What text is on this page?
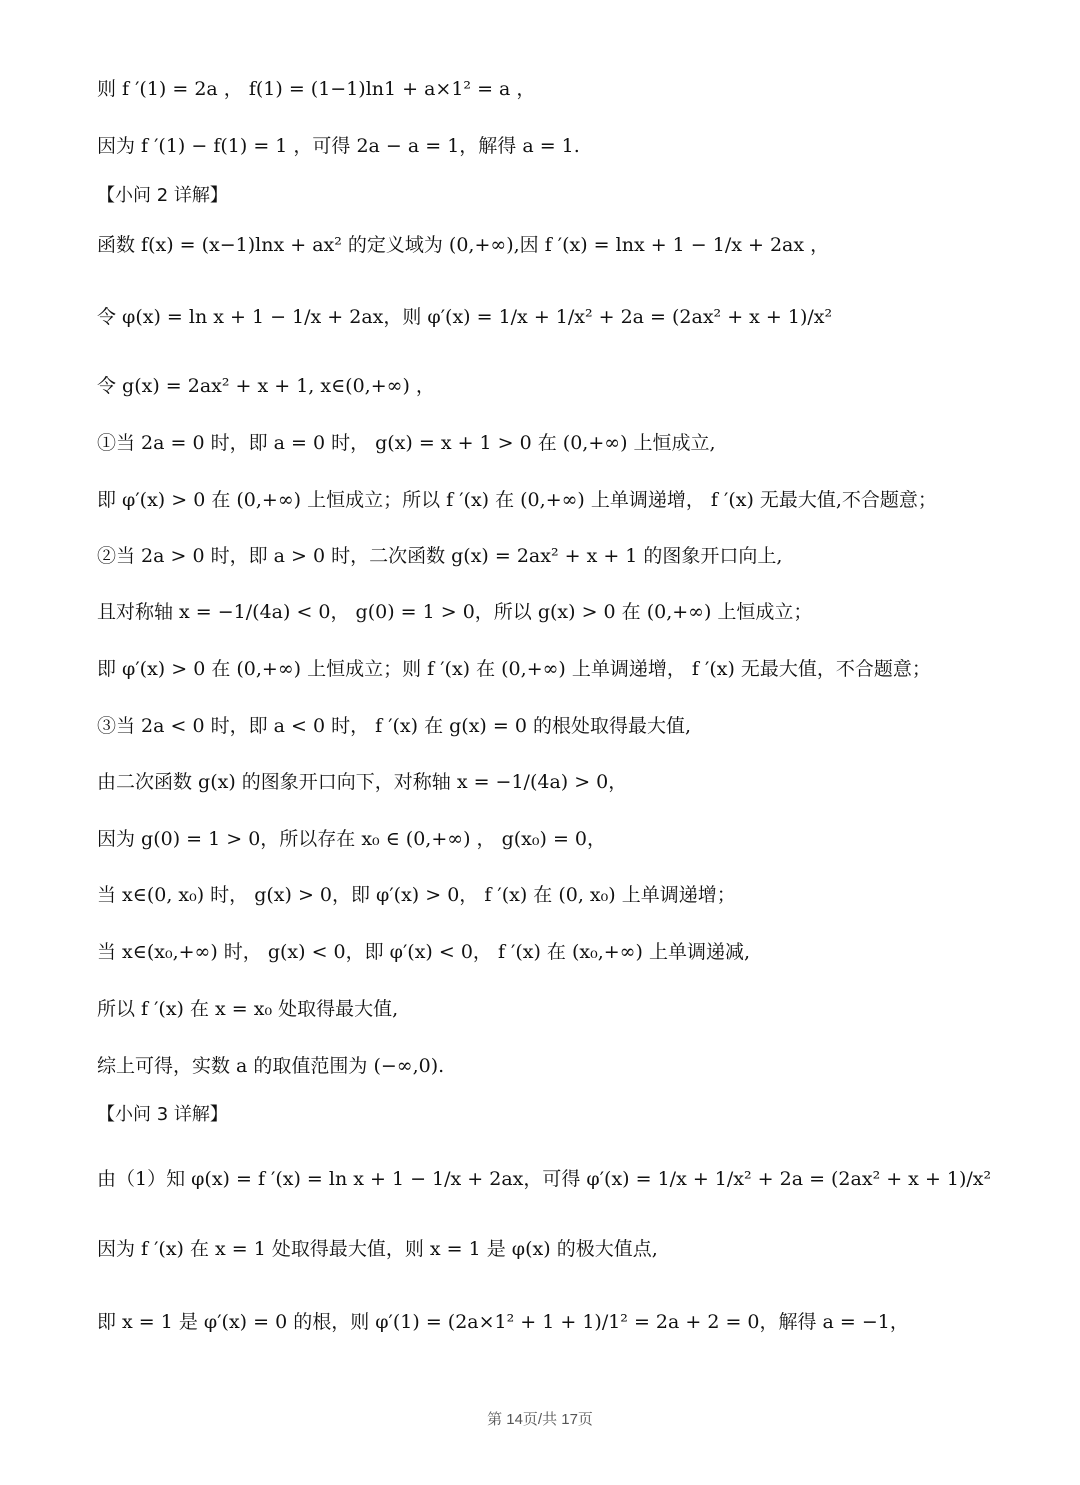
则 f ′(1) = 2a ， f(1) = (1−1)ln1 + a×1² = a ，
因为 f ′(1) − f(1) = 1 ，可得 2a − a = 1，解得 a = 1.
【小问 2 详解】
函数 f(x) = (x−1)lnx + ax² 的定义域为 (0,+∞),因 f ′(x) = lnx + 1 − 1/x + 2ax ，
令 φ(x) = ln x + 1 − 1/x + 2ax，则 φ′(x) = 1/x + 1/x² + 2a = (2ax² + x + 1)/x²
令 g(x) = 2ax² + x + 1, x∈(0,+∞) ，
①当 2a = 0 时，即 a = 0 时， g(x) = x + 1 > 0 在 (0,+∞) 上恒成立,
即 φ′(x) > 0 在 (0,+∞) 上恒成立；所以 f ′(x) 在 (0,+∞) 上单调递增， f ′(x) 无最大值,不合题意；
②当 2a > 0 时，即 a > 0 时，二次函数 g(x) = 2ax² + x + 1 的图象开口向上,
且对称轴 x = −1/(4a) < 0， g(0) = 1 > 0，所以 g(x) > 0 在 (0,+∞) 上恒成立；
即 φ′(x) > 0 在 (0,+∞) 上恒成立；则 f ′(x) 在 (0,+∞) 上单调递增， f ′(x) 无最大值，不合题意；
③当 2a < 0 时，即 a < 0 时， f ′(x) 在 g(x) = 0 的根处取得最大值,
由二次函数 g(x) 的图象开口向下，对称轴 x = −1/(4a) > 0，
因为 g(0) = 1 > 0，所以存在 x₀ ∈ (0,+∞) ， g(x₀) = 0，
当 x∈(0, x₀) 时， g(x) > 0，即 φ′(x) > 0， f ′(x) 在 (0, x₀) 上单调递增；
当 x∈(x₀,+∞) 时， g(x) < 0，即 φ′(x) < 0， f ′(x) 在 (x₀,+∞) 上单调递减,
所以 f ′(x) 在 x = x₀ 处取得最大值,
综上可得，实数 a 的取值范围为 (−∞,0).
【小问 3 详解】
由（1）知 φ(x) = f ′(x) = ln x + 1 − 1/x + 2ax，可得 φ′(x) = 1/x + 1/x² + 2a = (2ax² + x + 1)/x²
因为 f ′(x) 在 x = 1 处取得最大值，则 x = 1 是 φ(x) 的极大值点,
即 x = 1 是 φ′(x) = 0 的根，则 φ′(1) = (2a×1² + 1 + 1)/1² = 2a + 2 = 0，解得 a = −1，
第 14页/共 17页
